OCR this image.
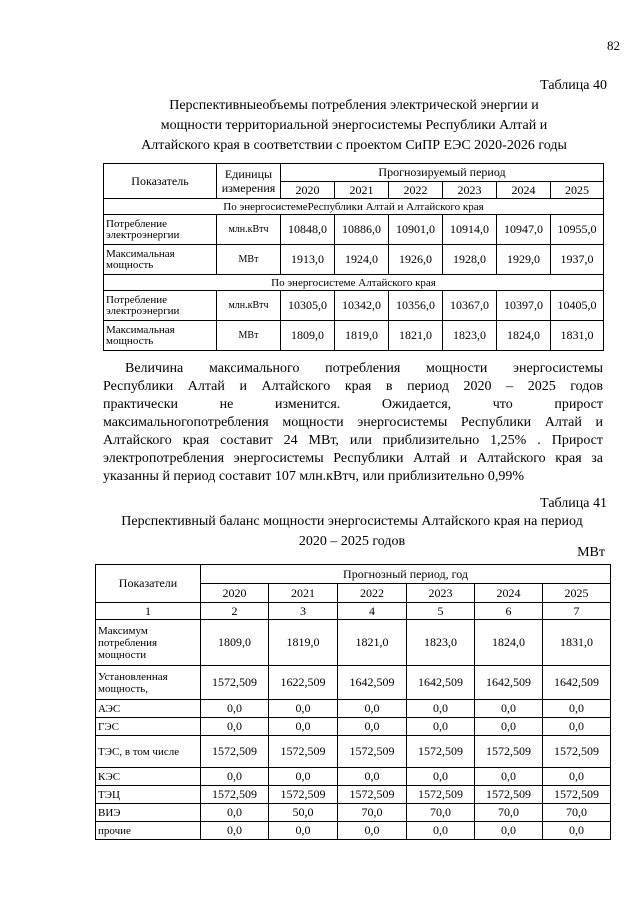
82
Таблица 40
Перспективныеобъемы потребления электрической энергии и
мощности территориальной энергосистемы Республики Алтай и
Алтайского края в соответствии с проектом СиПР ЕЭС 2020-2026 годы
Показатель	Единицы измерения	Прогнозируемый период					
		2020	2021	2022	2023	2024	2025
По энергосистемеРеспублики Алтай и Алтайского края							
Потребление электроэнергии	млн.кВтч	10848,0	10886,0	10901,0	10914,0	10947,0	10955,0
Максимальная мощность	МВт	1913,0	1924,0	1926,0	1928,0	1929,0	1937,0
По энергосистеме Алтайского края							
Потребление электроэнергии	млн.кВтч	10305,0	10342,0	10356,0	10367,0	10397,0	10405,0
Максимальная мощность	МВт	1809,0	1819,0	1821,0	1823,0	1824,0	1831,0
Величина максимального потребления мощности энергосистемы
Республики Алтай и Алтайского края в период 2020 – 2025 годов
практически не изменится. Ожидается, что прирост
максимальногопотребления мощности энергосистемы Республики Алтай и
Алтайского края составит 24 МВт, или приблизительно 1,25% . Прирост
электропотребления энергосистемы Республики Алтай и Алтайского края за
указанны й период составит 107 млн.кВтч, или приблизительно 0,99%
Таблица 41
Перспективный баланс мощности энергосистемы Алтайского края на период
2020 – 2025 годов
МВт
Показатели	Прогнозный период, год					
	2020	2021	2022	2023	2024	2025
1	2	3	4	5	6	7
Максимум потребления мощности	1809,0	1819,0	1821,0	1823,0	1824,0	1831,0
Установленная мощность,	1572,509	1622,509	1642,509	1642,509	1642,509	1642,509
АЭС	0,0	0,0	0,0	0,0	0,0	0,0
ГЭС	0,0	0,0	0,0	0,0	0,0	0,0
ТЭС, в том числе	1572,509	1572,509	1572,509	1572,509	1572,509	1572,509
КЭС	0,0	0,0	0,0	0,0	0,0	0,0
ТЭЦ	1572,509	1572,509	1572,509	1572,509	1572,509	1572,509
ВИЭ	0,0	50,0	70,0	70,0	70,0	70,0
прочие	0,0	0,0	0,0	0,0	0,0	0,0
